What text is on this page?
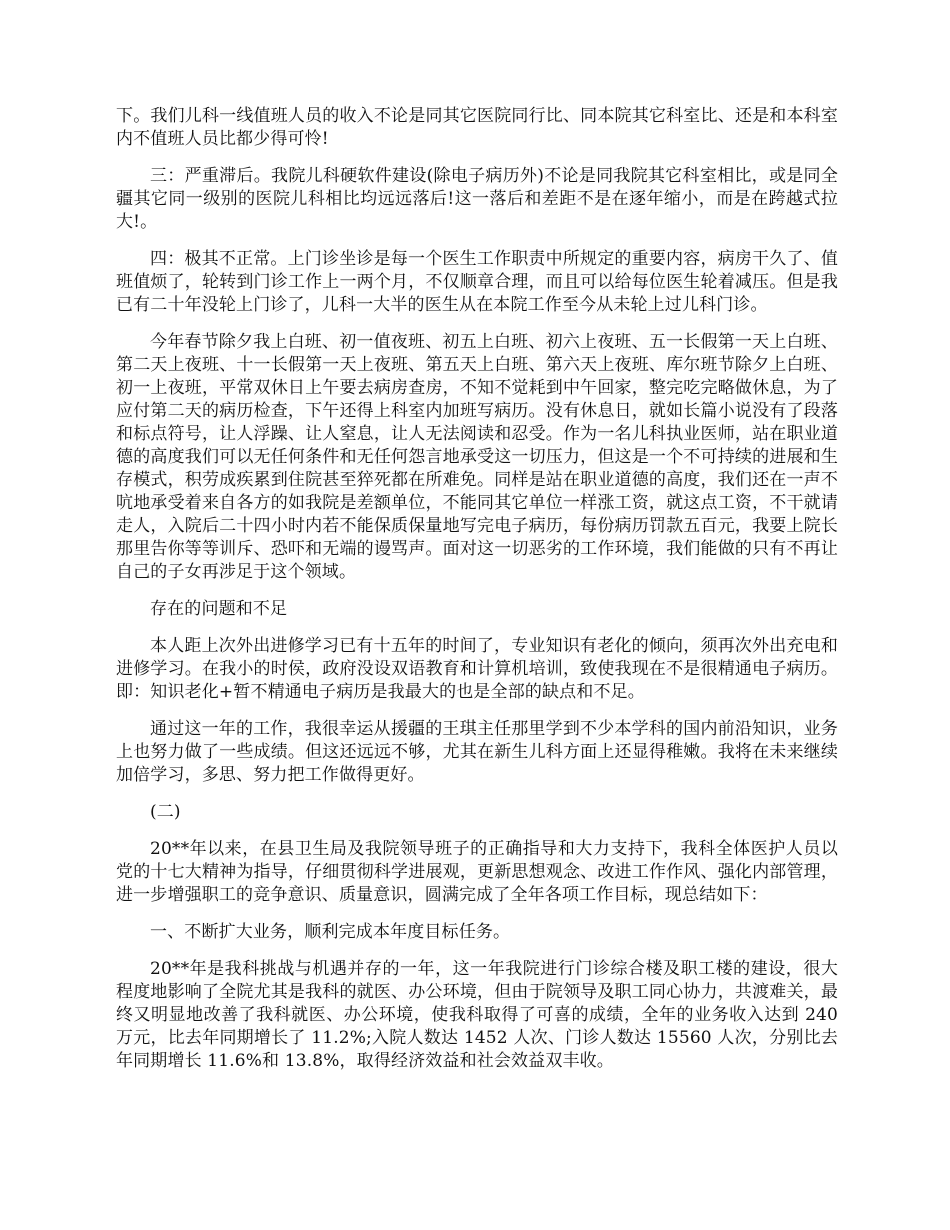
下。我们儿科一线值班人员的收入不论是同其它医院同行比、同本院其它科室比、还是和本科室内不值班人员比都少得可怜!

三：严重滞后。我院儿科硬软件建设(除电子病历外)不论是同我院其它科室相比，或是同全疆其它同一级别的医院儿科相比均远远落后!这一落后和差距不是在逐年缩小，而是在跨越式拉大!。

四：极其不正常。上门诊坐诊是每一个医生工作职责中所规定的重要内容，病房干久了、值班值烦了，轮转到门诊工作上一两个月，不仅顺章合理，而且可以给每位医生轮着减压。但是我已有二十年没轮上门诊了，儿科一大半的医生从在本院工作至今从未轮上过儿科门诊。

今年春节除夕我上白班、初一值夜班、初五上白班、初六上夜班、五一长假第一天上白班、第二天上夜班、十一长假第一天上夜班、第五天上白班、第六天上夜班、库尔班节除夕上白班、初一上夜班，平常双休日上午要去病房查房，不知不觉耗到中午回家，整完吃完略做休息，为了应付第二天的病历检查，下午还得上科室内加班写病历。没有休息日，就如长篇小说没有了段落和标点符号，让人浮躁、让人窒息，让人无法阅读和忍受。作为一名儿科执业医师，站在职业道德的高度我们可以无任何条件和无任何怨言地承受这一切压力，但这是一个不可持续的进展和生存模式，积劳成疾累到住院甚至猝死都在所难免。同样是站在职业道德的高度，我们还在一声不吭地承受着来自各方的如我院是差额单位，不能同其它单位一样涨工资，就这点工资，不干就请走人，入院后二十四小时内若不能保质保量地写完电子病历，每份病历罚款五百元，我要上院长那里告你等等训斥、恐吓和无端的谩骂声。面对这一切恶劣的工作环境，我们能做的只有不再让自己的子女再涉足于这个领域。

存在的问题和不足

本人距上次外出进修学习已有十五年的时间了，专业知识有老化的倾向，须再次外出充电和进修学习。在我小的时侯，政府没设双语教育和计算机培训，致使我现在不是很精通电子病历。即：知识老化+暂不精通电子病历是我最大的也是全部的缺点和不足。

通过这一年的工作，我很幸运从援疆的王琪主任那里学到不少本学科的国内前沿知识，业务上也努力做了一些成绩。但这还远远不够，尤其在新生儿科方面上还显得稚嫩。我将在未来继续加倍学习，多思、努力把工作做得更好。

(二)

20**年以来，在县卫生局及我院领导班子的正确指导和大力支持下，我科全体医护人员以党的十七大精神为指导，仔细贯彻科学进展观，更新思想观念、改进工作作风、强化内部管理，进一步增强职工的竞争意识、质量意识，圆满完成了全年各项工作目标，现总结如下：

一、不断扩大业务，顺利完成本年度目标任务。

20**年是我科挑战与机遇并存的一年，这一年我院进行门诊综合楼及职工楼的建设，很大程度地影响了全院尤其是我科的就医、办公环境，但由于院领导及职工同心协力，共渡难关，最终又明显地改善了我科就医、办公环境，使我科取得了可喜的成绩，全年的业务收入达到 240 万元，比去年同期增长了 11.2%;入院人数达 1452 人次、门诊人数达 15560 人次，分别比去年同期增长 11.6%和 13.8%，取得经济效益和社会效益双丰收。
